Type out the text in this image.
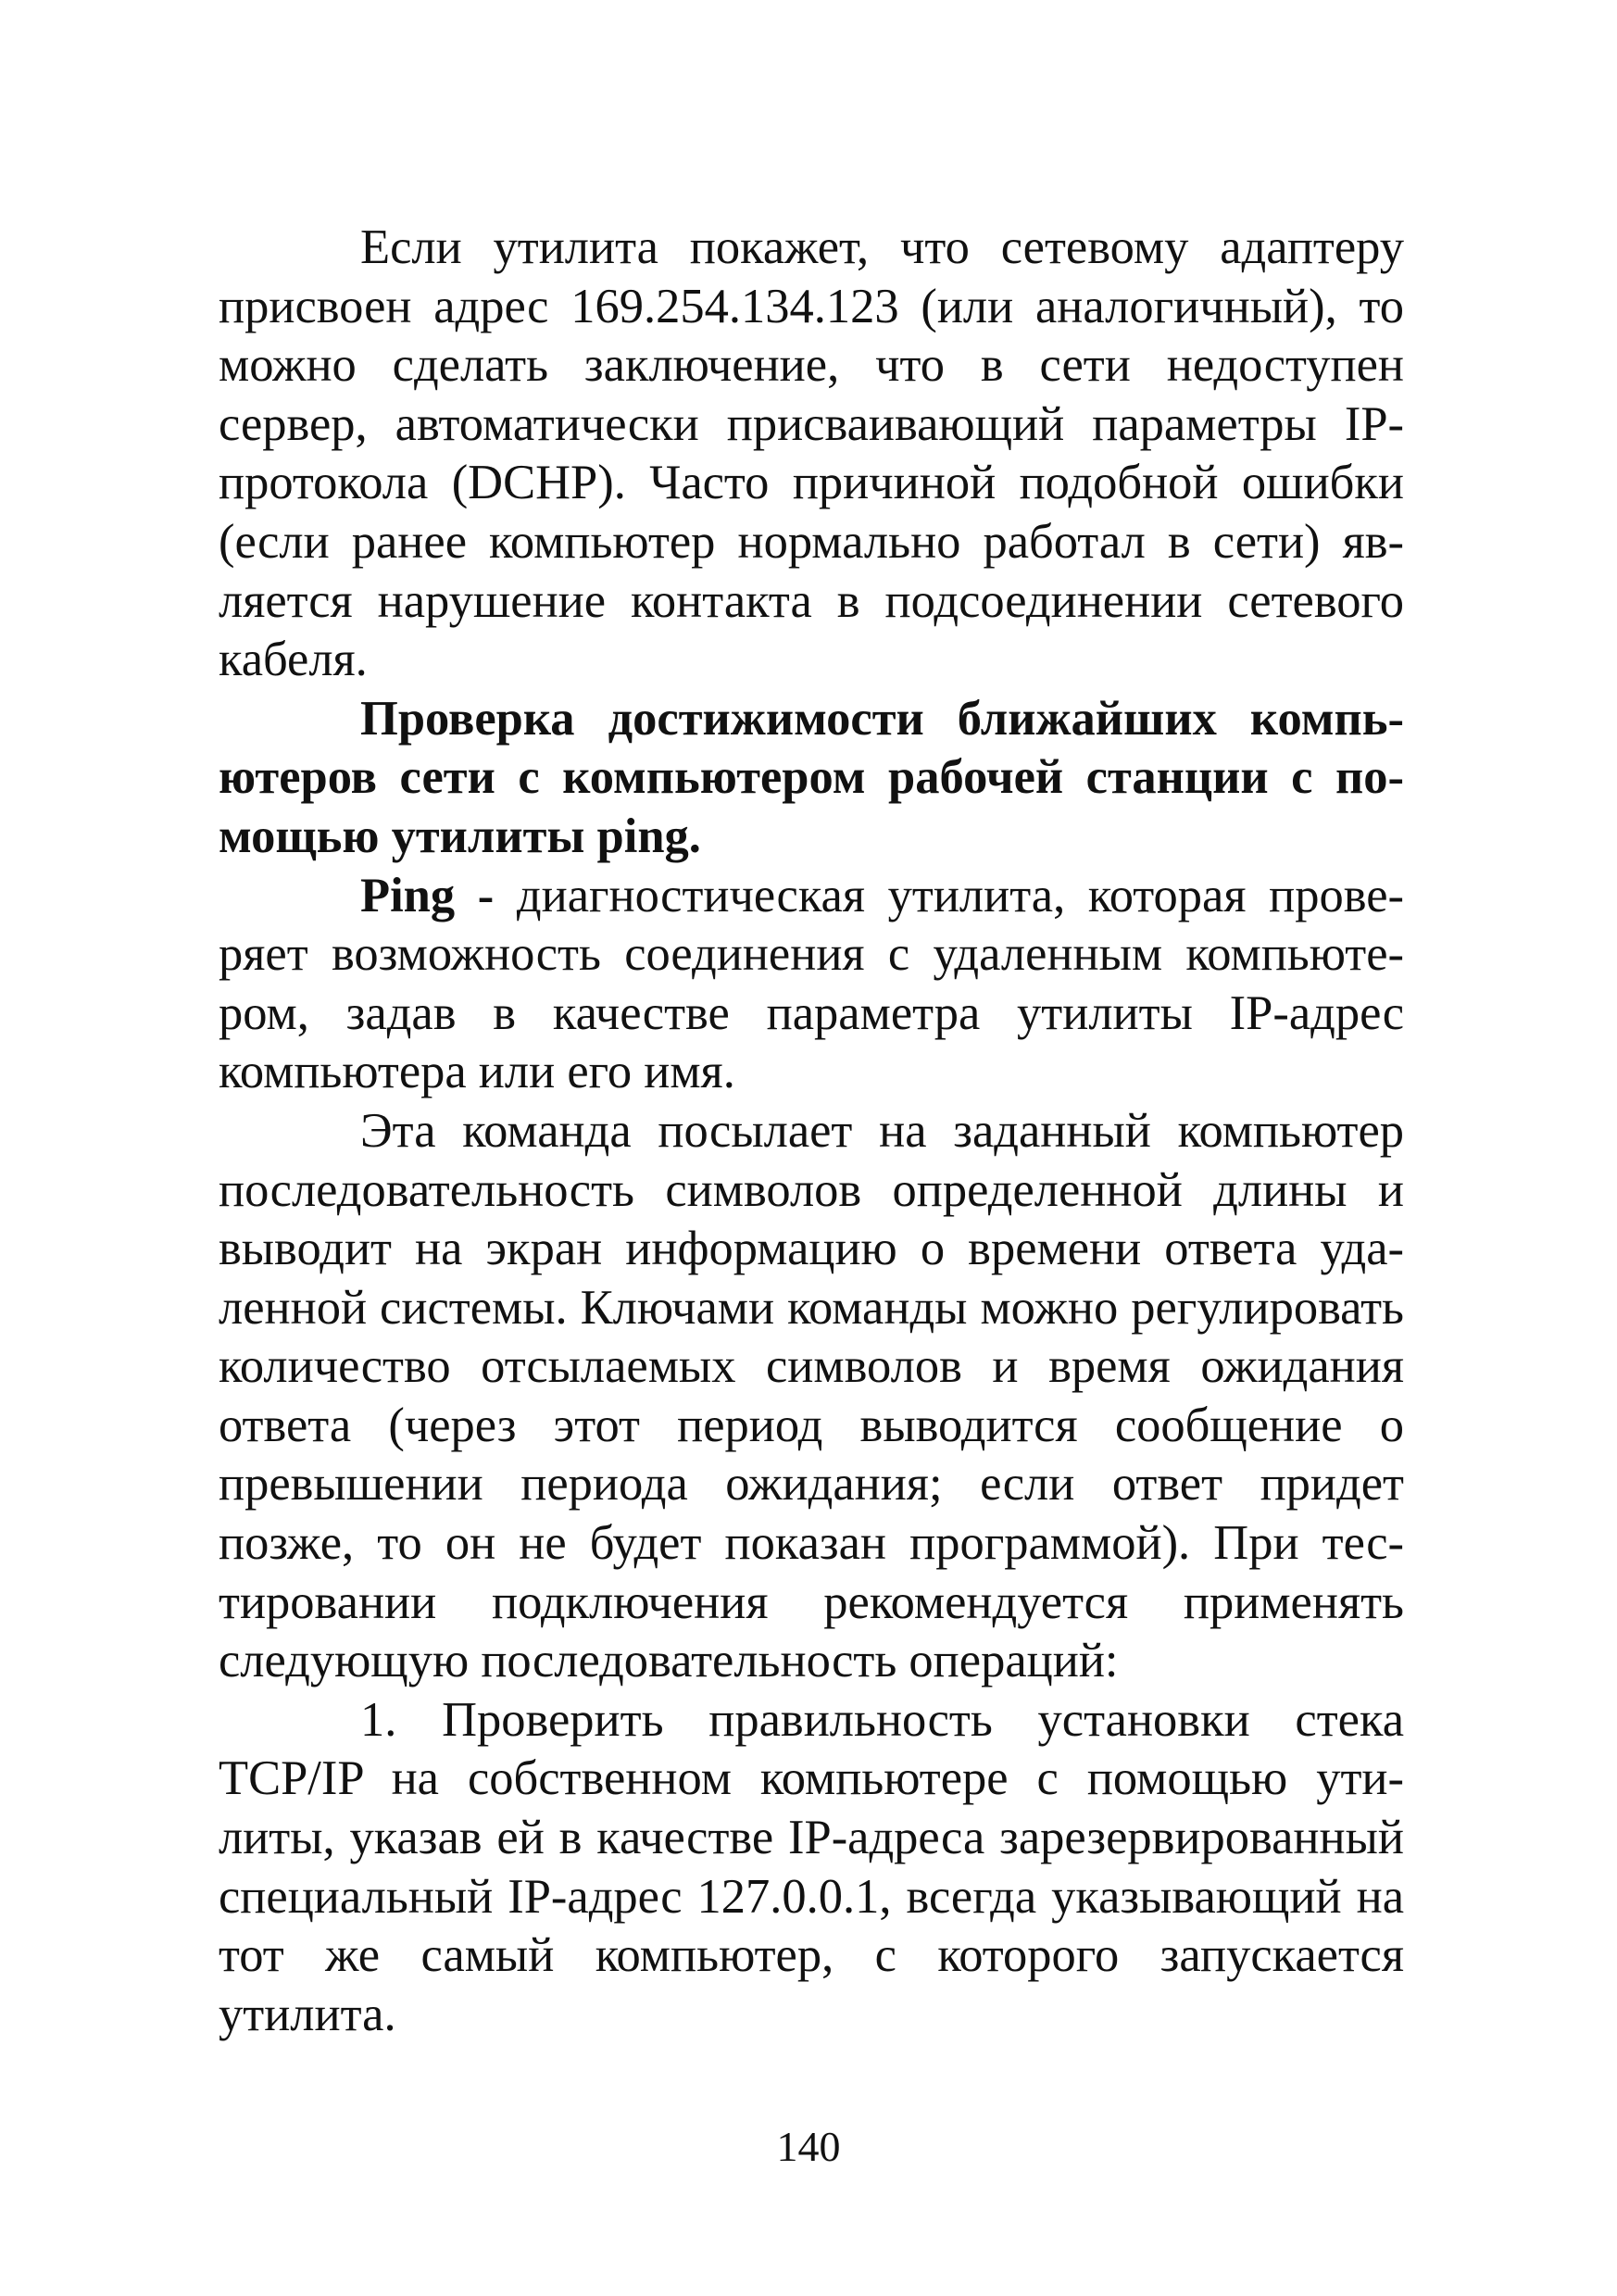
Если утилита покажет, что сетевому адаптеру присвоен адрес 169.254.134.123 (или аналогичный), то можно сделать заключение, что в сети недоступен сервер, автоматически присваивающий параметры IP-протокола (DCHP). Часто причиной подобной ошибки (если ранее компьютер нормально работал в сети) является нарушение контакта в подсоединении сетевого кабеля.

Проверка достижимости ближайших компьютеров сети с компьютером рабочей станции с помощью утилиты ping.

Ping - диагностическая утилита, которая проверяет возможность соединения с удаленным компьютером, задав в качестве параметра утилиты IP-адрес компьютера или его имя.

Эта команда посылает на заданный компьютер последовательность символов определенной длины и выводит на экран информацию о времени ответа удаленной системы. Ключами команды можно регулировать количество отсылаемых символов и время ожидания ответа (через этот период выводится сообщение о превышении периода ожидания; если ответ придет позже, то он не будет показан программой). При тестировании подключения рекомендуется применять следующую последовательность операций:

1. Проверить правильность установки стека TCP/IP на собственном компьютере с помощью утилиты, указав ей в качестве IP-адреса зарезервированный специальный IP-адрес 127.0.0.1, всегда указывающий на тот же самый компьютер, с которого запускается утилита.

140
